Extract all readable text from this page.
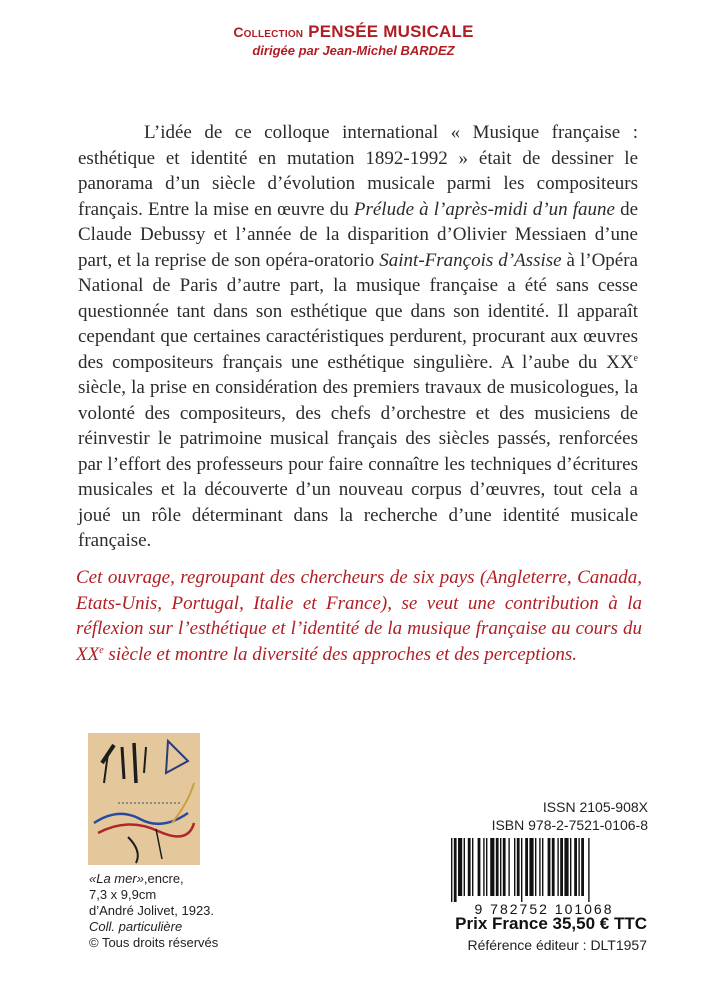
Collection PENSÉE MUSICALE
dirigée par Jean-Michel BARDEZ

L’idée de ce colloque international « Musique française : esthétique et identité en mutation 1892-1992 » était de dessiner le panorama d’un siècle d’évolution musicale parmi les compositeurs français. Entre la mise en œuvre du Prélude à l’après-midi d’un faune de Claude Debussy et l’année de la disparition d’Olivier Messiaen d’une part, et la reprise de son opéra-oratorio Saint-François d’Assise à l’Opéra National de Paris d’autre part, la musique française a été sans cesse questionnée tant dans son esthétique que dans son identité. Il apparaît cependant que certaines caractéristiques perdurent, procurant aux œuvres des compositeurs français une esthétique singulière. A l’aube du XXe siècle, la prise en considération des premiers travaux de musicologues, la volonté des compositeurs, des chefs d’orchestre et des musiciens de réinvestir le patrimoine musical français des siècles passés, renforcées par l’effort des professeurs pour faire connaître les techniques d’écritures musicales et la découverte d’un nouveau corpus d’œuvres, tout cela a joué un rôle déterminant dans la recherche d’une identité musicale française.

Cet ouvrage, regroupant des chercheurs de six pays (Angleterre, Canada, Etats-Unis, Portugal, Italie et France), se veut une contribution à la réflexion sur l’esthétique et l’identité de la musique française au cours du XXe siècle et montre la diversité des approches et des perceptions.
«La mer»,encre,
7,3 x 9,9cm
d’André Jolivet, 1923.
Coll. particulière
© Tous droits réservés
ISSN 2105-908X
ISBN 978-2-7521-0106-8
9 782752 101068
Prix France 35,50 € TTC
Référence éditeur : DLT1957
